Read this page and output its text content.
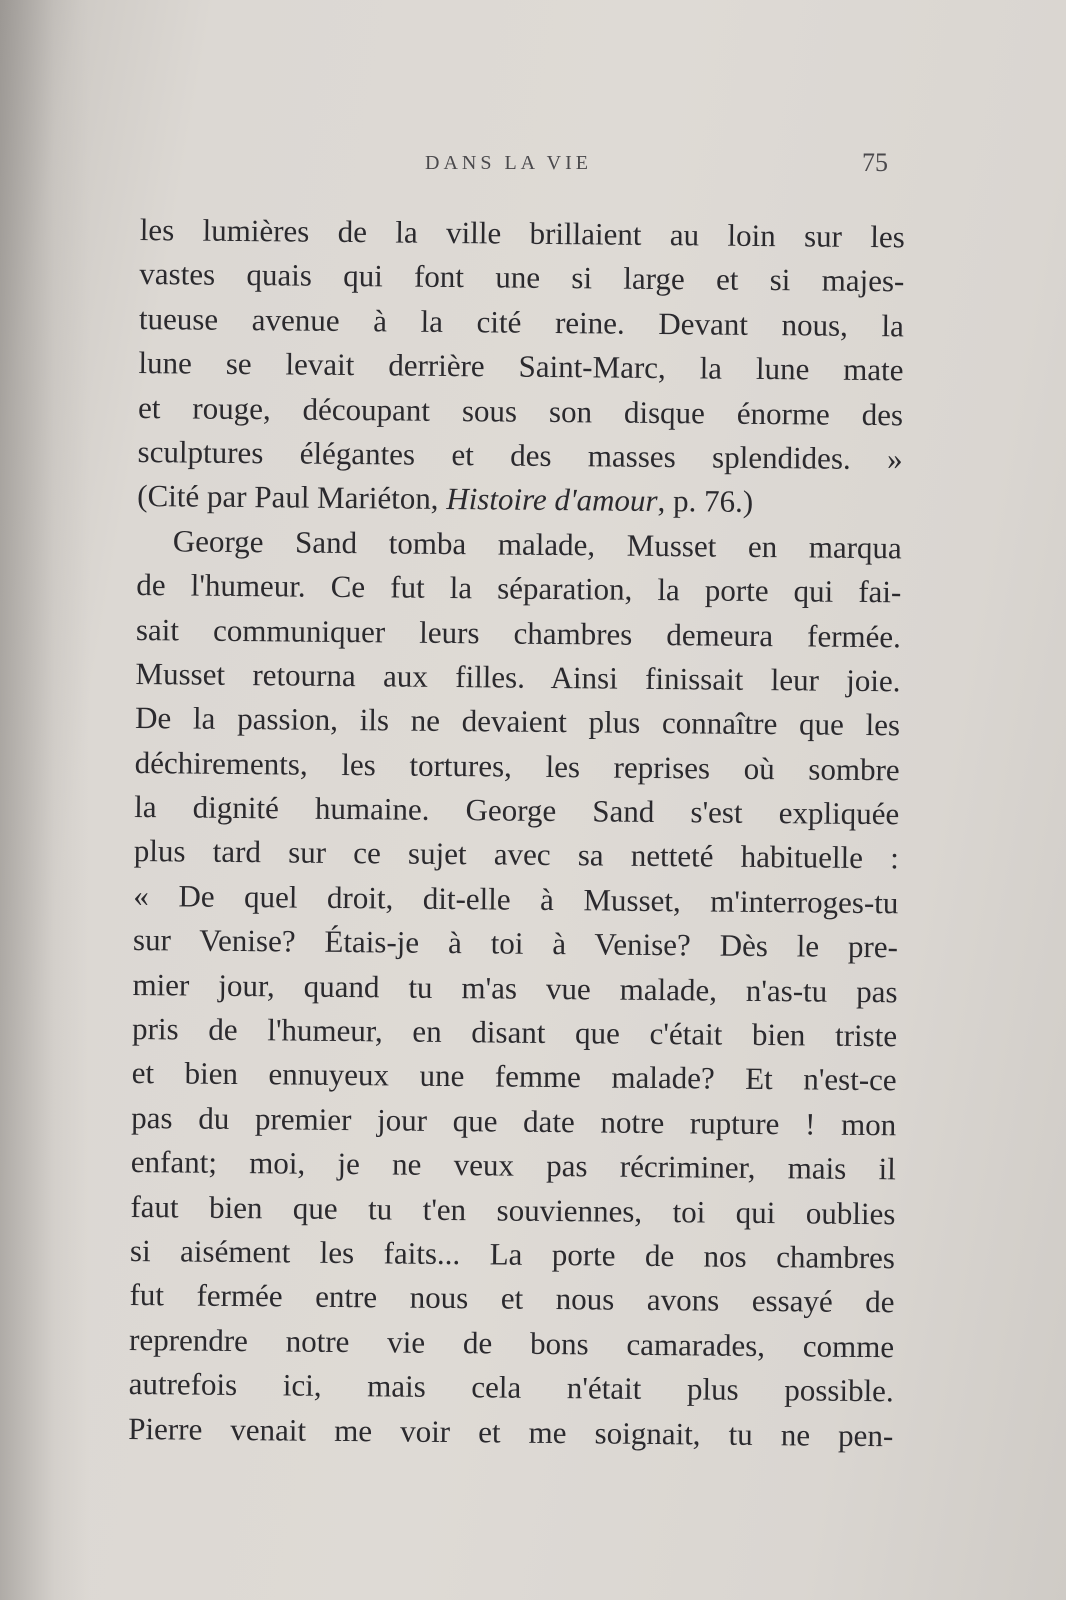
DANS LA VIE	75
les lumières de la ville brillaient au loin sur les
vastes quais qui font une si large et si majes-
tueuse avenue à la cité reine. Devant nous, la
lune se levait derrière Saint-Marc, la lune mate
et rouge, découpant sous son disque énorme des
sculptures élégantes et des masses splendides. »
(Cité par Paul Mariéton, Histoire d'amour, p. 76.)
George Sand tomba malade, Musset en marqua
de l'humeur. Ce fut la séparation, la porte qui fai-
sait communiquer leurs chambres demeura fermée.
Musset retourna aux filles. Ainsi finissait leur joie.
De la passion, ils ne devaient plus connaître que les
déchirements, les tortures, les reprises où sombre
la dignité humaine. George Sand s'est expliquée
plus tard sur ce sujet avec sa netteté habituelle :
« De quel droit, dit-elle à Musset, m'interroges-tu
sur Venise? Étais-je à toi à Venise? Dès le pre-
mier jour, quand tu m'as vue malade, n'as-tu pas
pris de l'humeur, en disant que c'était bien triste
et bien ennuyeux une femme malade? Et n'est-ce
pas du premier jour que date notre rupture ! mon
enfant; moi, je ne veux pas récriminer, mais il
faut bien que tu t'en souviennes, toi qui oublies
si aisément les faits... La porte de nos chambres
fut fermée entre nous et nous avons essayé de
reprendre notre vie de bons camarades, comme
autrefois ici, mais cela n'était plus possible.
Pierre venait me voir et me soignait, tu ne pen-
